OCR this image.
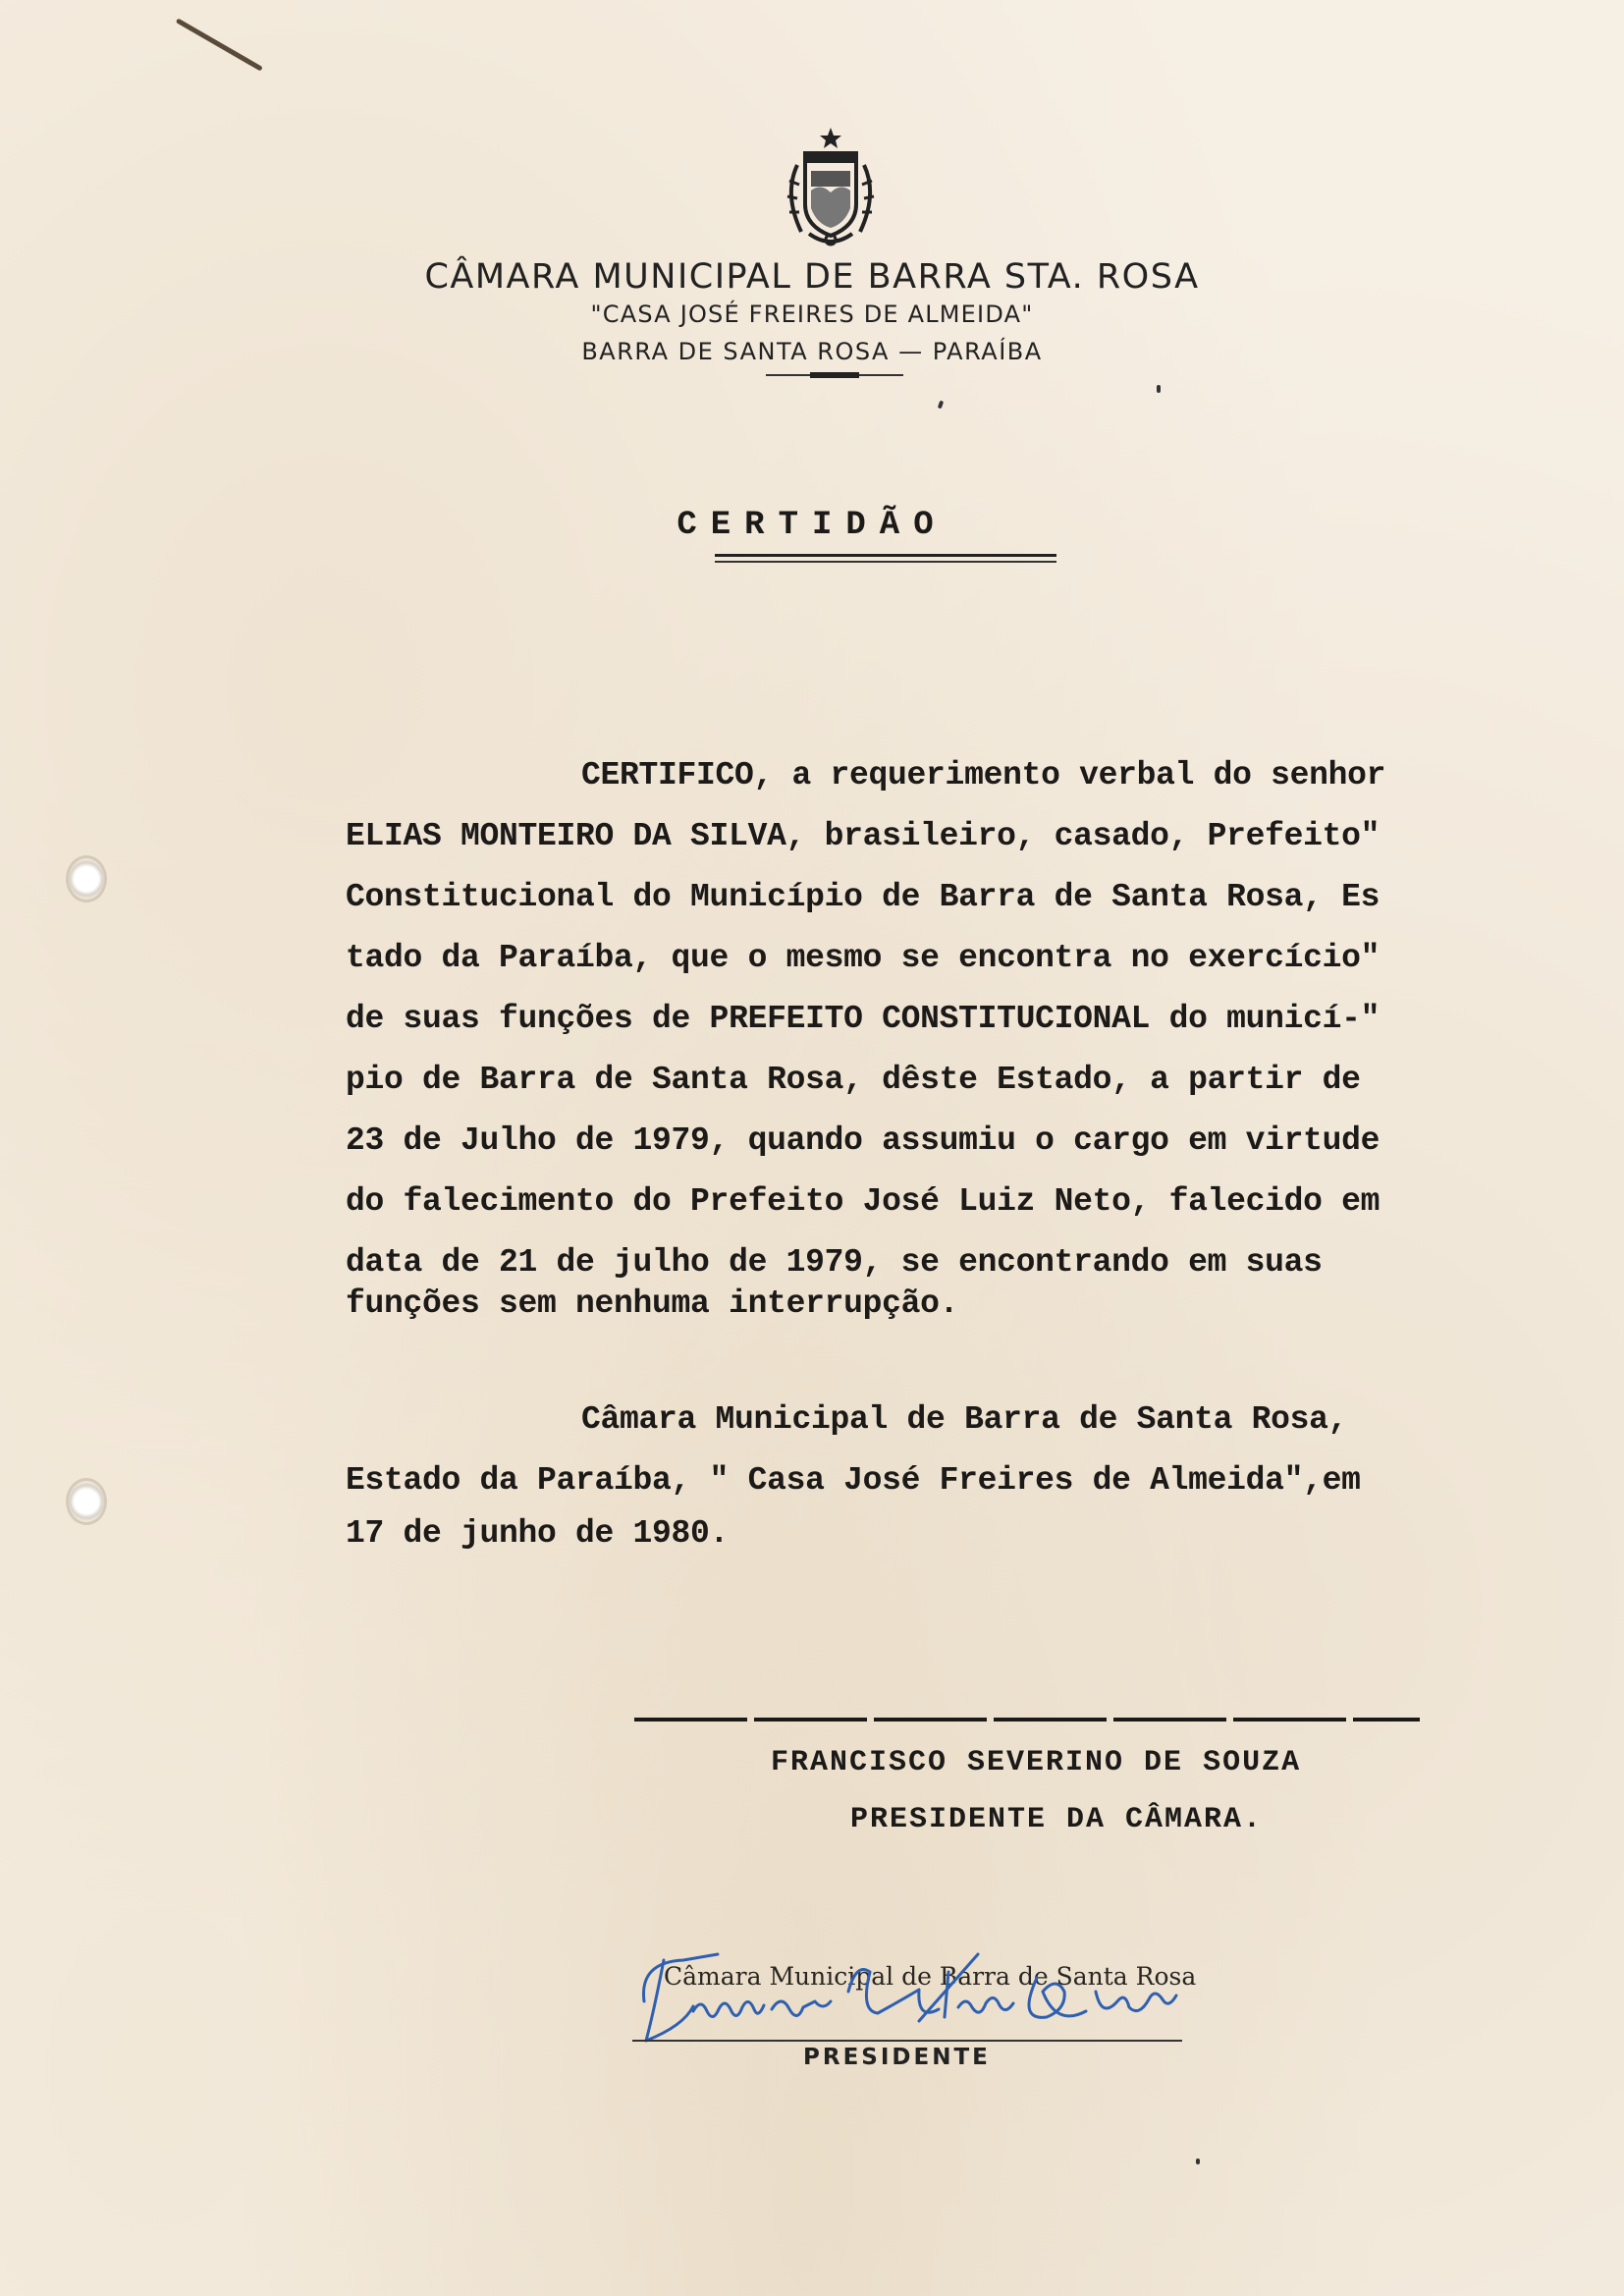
CÂMARA MUNICIPAL DE BARRA STA. ROSA
"CASA JOSÉ FREIRES DE ALMEIDA"
BARRA DE SANTA ROSA — PARAÍBA
CERTIDÃO
CERTIFICO, a requerimento verbal do senhor
ELIAS MONTEIRO DA SILVA, brasileiro, casado, Prefeito"
Constitucional do Município de Barra de Santa Rosa, Es
tado da Paraíba, que o mesmo se encontra no exercício"
de suas funções de PREFEITO CONSTITUCIONAL do municí-"
pio de Barra de Santa Rosa, dêste Estado, a partir de
23 de Julho de 1979, quando assumiu o cargo em virtude
do falecimento do Prefeito José Luiz Neto, falecido em
data de 21 de julho de 1979, se encontrando em suas
funções sem nenhuma interrupção.
Câmara Municipal de Barra de Santa Rosa,
Estado da Paraíba, " Casa José Freires de Almeida",em
17 de junho de 1980.
FRANCISCO SEVERINO DE SOUZA
PRESIDENTE DA CÂMARA.
Câmara Municipal de Barra de Santa Rosa
PRESIDENTE
